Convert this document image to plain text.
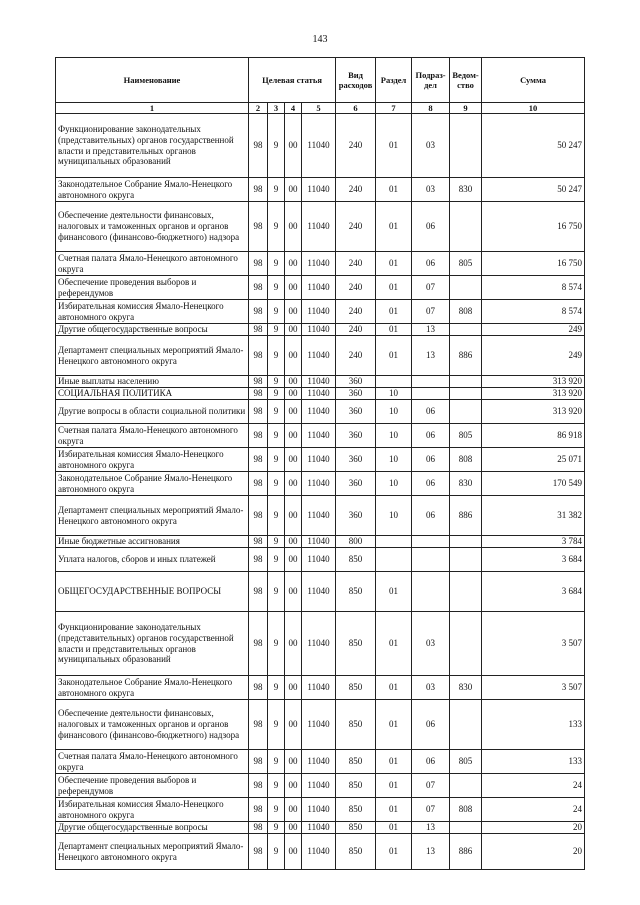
143
Наименование	Целевая статья				Вид расходов	Раздел	Подраз-дел	Ведом-ство	Сумма
1	2	3	4	5	6	7	8	9	10
Функционирование законодательных (представительных) органов государственной власти и представительных органов муниципальных образований	98	9	00	11040	240	01	03		50 247
Законодательное Собрание Ямало-Ненецкого автономного округа	98	9	00	11040	240	01	03	830	50 247
Обеспечение деятельности финансовых, налоговых и таможенных органов и органов финансового (финансово-бюджетного) надзора	98	9	00	11040	240	01	06		16 750
Счетная палата Ямало-Ненецкого автономного округа	98	9	00	11040	240	01	06	805	16 750
Обеспечение проведения выборов и референдумов	98	9	00	11040	240	01	07		8 574
Избирательная комиссия Ямало-Ненецкого автономного округа	98	9	00	11040	240	01	07	808	8 574
Другие общегосударственные вопросы	98	9	00	11040	240	01	13		249
Департамент специальных мероприятий Ямало-Ненецкого автономного округа	98	9	00	11040	240	01	13	886	249
Иные выплаты населению	98	9	00	11040	360				313 920
СОЦИАЛЬНАЯ ПОЛИТИКА	98	9	00	11040	360	10			313 920
Другие вопросы в области социальной политики	98	9	00	11040	360	10	06		313 920
Счетная палата Ямало-Ненецкого автономного округа	98	9	00	11040	360	10	06	805	86 918
Избирательная комиссия Ямало-Ненецкого автономного округа	98	9	00	11040	360	10	06	808	25 071
Законодательное Собрание Ямало-Ненецкого автономного округа	98	9	00	11040	360	10	06	830	170 549
Департамент специальных мероприятий Ямало-Ненецкого автономного округа	98	9	00	11040	360	10	06	886	31 382
Иные бюджетные ассигнования	98	9	00	11040	800				3 784
Уплата налогов, сборов и иных платежей	98	9	00	11040	850				3 684
ОБЩЕГОСУДАРСТВЕННЫЕ ВОПРОСЫ	98	9	00	11040	850	01			3 684
Функционирование законодательных (представительных) органов государственной власти и представительных органов муниципальных образований	98	9	00	11040	850	01	03		3 507
Законодательное Собрание Ямало-Ненецкого автономного округа	98	9	00	11040	850	01	03	830	3 507
Обеспечение деятельности финансовых, налоговых и таможенных органов и органов финансового (финансово-бюджетного) надзора	98	9	00	11040	850	01	06		133
Счетная палата Ямало-Ненецкого автономного округа	98	9	00	11040	850	01	06	805	133
Обеспечение проведения выборов и референдумов	98	9	00	11040	850	01	07		24
Избирательная комиссия Ямало-Ненецкого автономного округа	98	9	00	11040	850	01	07	808	24
Другие общегосударственные вопросы	98	9	00	11040	850	01	13		20
Департамент специальных мероприятий Ямало-Ненецкого автономного округа	98	9	00	11040	850	01	13	886	20
